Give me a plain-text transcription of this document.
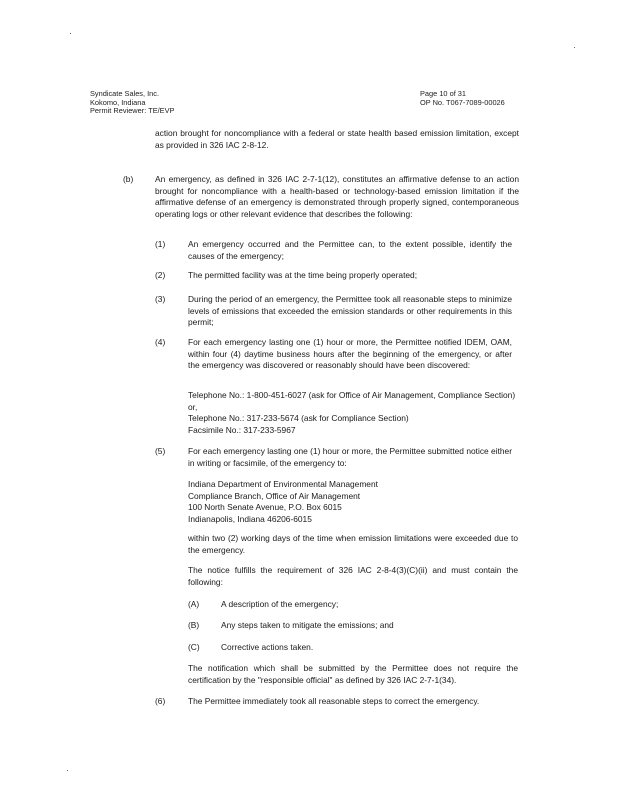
Syndicate Sales, Inc.
Kokomo, Indiana
Permit Reviewer: TE/EVP
Page 10 of 31
OP No. T067-7089-00026
action brought for noncompliance with a federal or state health based emission limitation, except as provided in 326 IAC 2-8-12.
(b)	An emergency, as defined in 326 IAC 2-7-1(12), constitutes an affirmative defense to an action brought for noncompliance with a health-based or technology-based emission limitation if the affirmative defense of an emergency is demonstrated through properly signed, contemporaneous operating logs or other relevant evidence that describes the following:
(1)	An emergency occurred and the Permittee can, to the extent possible, identify the causes of the emergency;
(2)	The permitted facility was at the time being properly operated;
(3)	During the period of an emergency, the Permittee took all reasonable steps to minimize levels of emissions that exceeded the emission standards or other requirements in this permit;
(4)	For each emergency lasting one (1) hour or more, the Permittee notified IDEM, OAM, within four (4) daytime business hours after the beginning of the emergency, or after the emergency was discovered or reasonably should have been discovered:
Telephone No.: 1-800-451-6027 (ask for Office of Air Management, Compliance Section) or,
Telephone No.: 317-233-5674 (ask for Compliance Section)
Facsimile No.: 317-233-5967
(5)	For each emergency lasting one (1) hour or more, the Permittee submitted notice either in writing or facsimile, of the emergency to:
Indiana Department of Environmental Management
Compliance Branch, Office of Air Management
100 North Senate Avenue, P.O. Box 6015
Indianapolis, Indiana 46206-6015
within two (2) working days of the time when emission limitations were exceeded due to the emergency.
The notice fulfills the requirement of 326 IAC 2-8-4(3)(C)(ii) and must contain the following:
(A)	A description of the emergency;
(B)	Any steps taken to mitigate the emissions; and
(C)	Corrective actions taken.
The notification which shall be submitted by the Permittee does not require the certification by the "responsible official" as defined by 326 IAC 2-7-1(34).
(6)	The Permittee immediately took all reasonable steps to correct the emergency.
